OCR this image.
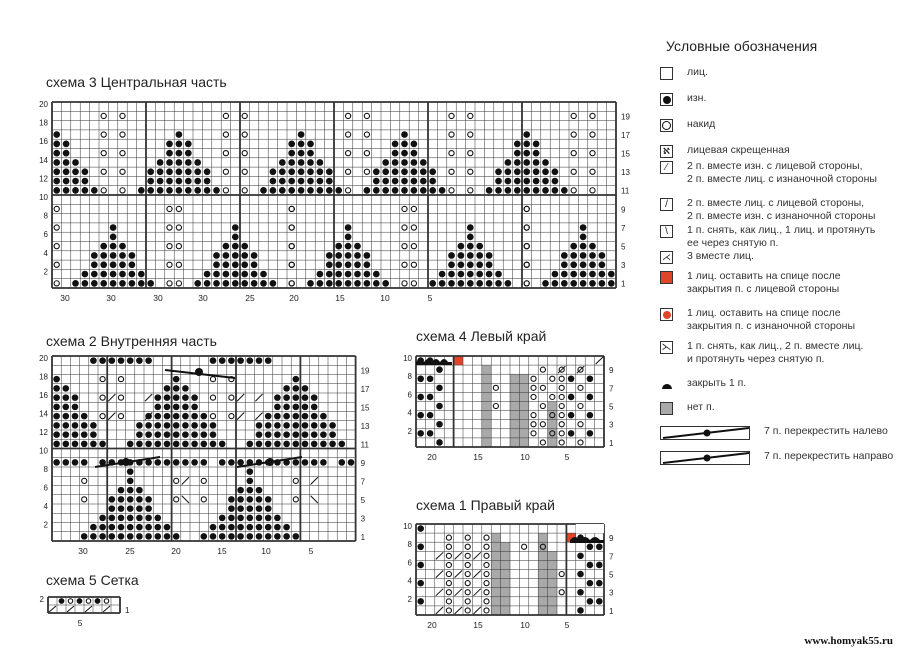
схема 3 Центральная часть
схема 2 Внутренняя часть	схема 4 Левый край
схема 1 Правый край
схема 5 Сетка
20
18
16
14
12
10
8
6
4
2
19
17
15
13
11
9
7
5
3
1
30	30	30	30	25	20	15	10	5
20
18
16
14
12
10
8
6
4
2
19
17
15
13
11
9
7
5
3
1
30	25	20	15	10	5
10
8
6
4
2
9
7
5
3
1
20	15	10	5
10
8
6
4
2
9
7
5
3
1
20	15	10	5
2
1
5
Условные обозначения
лиц.
изн.
накид
ℵ лицевая скрещенная
⁄ 2 п. вместе изн. с лицевой стороны,
2 п. вместе лиц. с изнаночной стороны
/ 2 п. вместе лиц. с лицевой стороны,
2 п. вместе изн. с изнаночной стороны
\ 1 п. снять, как лиц., 1 лиц. и протянуть
ее через снятую п.
⋌ 3 вместе лиц.
1 лиц. оставить на спице после
закрытия п. с лицевой стороны
1 лиц. оставить на спице после
закрытия п. с изнаночной стороны
⋋ 1 п. снять, как лиц., 2 п. вместе лиц.
и протянуть через снятую п.
закрыть 1 п.
нет п.
7 п. перекрестить налево
7 п. перекрестить направо
www.homyak55.ru
